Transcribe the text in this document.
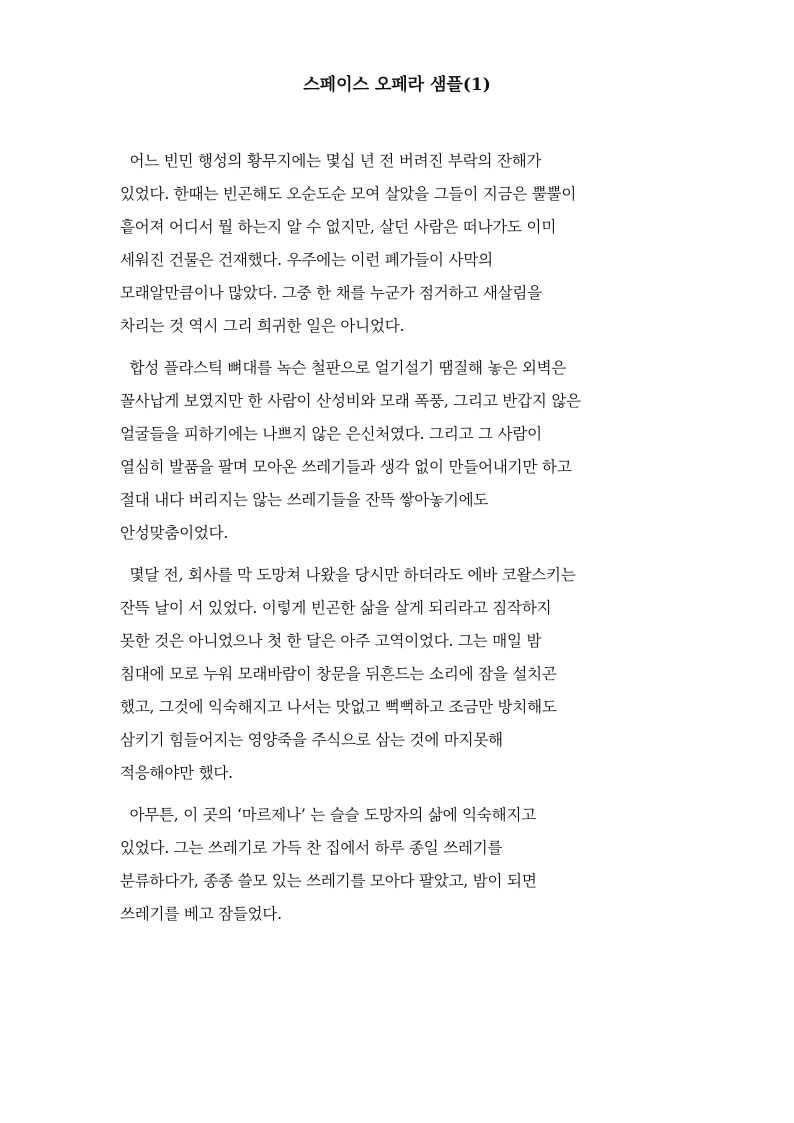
스페이스 오페라 샘플(1)
어느 빈민 행성의 황무지에는 몇십 년 전 버려진 부락의 잔해가
있었다. 한때는 빈곤해도 오순도순 모여 살았을 그들이 지금은 뿔뿔이
흩어져 어디서 뭘 하는지 알 수 없지만, 살던 사람은 떠나가도 이미
세워진 건물은 건재했다. 우주에는 이런 폐가들이 사막의
모래알만큼이나 많았다. 그중 한 채를 누군가 점거하고 새살림을
차리는 것 역시 그리 희귀한 일은 아니었다.
합성 플라스틱 뼈대를 녹슨 철판으로 얼기설기 땜질해 놓은 외벽은
꼴사납게 보였지만 한 사람이 산성비와 모래 폭풍, 그리고 반갑지 않은
얼굴들을 피하기에는 나쁘지 않은 은신처였다. 그리고 그 사람이
열심히 발품을 팔며 모아온 쓰레기들과 생각 없이 만들어내기만 하고
절대 내다 버리지는 않는 쓰레기들을 잔뜩 쌓아놓기에도
안성맞춤이었다.
몇달 전, 회사를 막 도망쳐 나왔을 당시만 하더라도 에바 코왈스키는
잔뜩 날이 서 있었다. 이렇게 빈곤한 삶을 살게 되리라고 짐작하지
못한 것은 아니었으나 첫 한 달은 아주 고역이었다. 그는 매일 밤
침대에 모로 누워 모래바람이 창문을 뒤흔드는 소리에 잠을 설치곤
했고, 그것에 익숙해지고 나서는 맛없고 뻑뻑하고 조금만 방치해도
삼키기 힘들어지는 영양죽을 주식으로 삼는 것에 마지못해
적응해야만 했다.
아무튼, 이 곳의 ‘마르제나’ 는 슬슬 도망자의 삶에 익숙해지고
있었다. 그는 쓰레기로 가득 찬 집에서 하루 종일 쓰레기를
분류하다가, 종종 쓸모 있는 쓰레기를 모아다 팔았고, 밤이 되면
쓰레기를 베고 잠들었다.
